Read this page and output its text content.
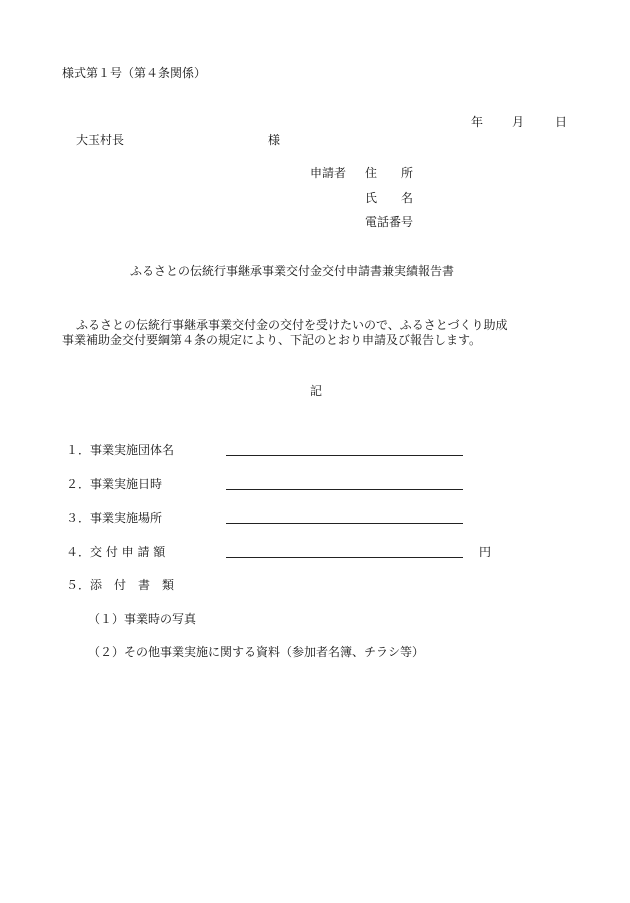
様式第１号（第４条関係）
年 月	日
大玉村長	様
申請者 住　　所
氏　　名
電話番号
ふるさとの伝統行事継承事業交付金交付申請書兼実績報告書
ふるさとの伝統行事継承事業交付金の交付を受けたいので、ふるさとづくり助成
事業補助金交付要綱第４条の規定により、下記のとおり申請及び報告します。
記
１．事業実施団体名
２．事業実施日時
３．事業実施場所
４．交 付 申 請 額	円
５．添　付　書　類
（１）事業時の写真
（２）その他事業実施に関する資料（参加者名簿、チラシ等）
